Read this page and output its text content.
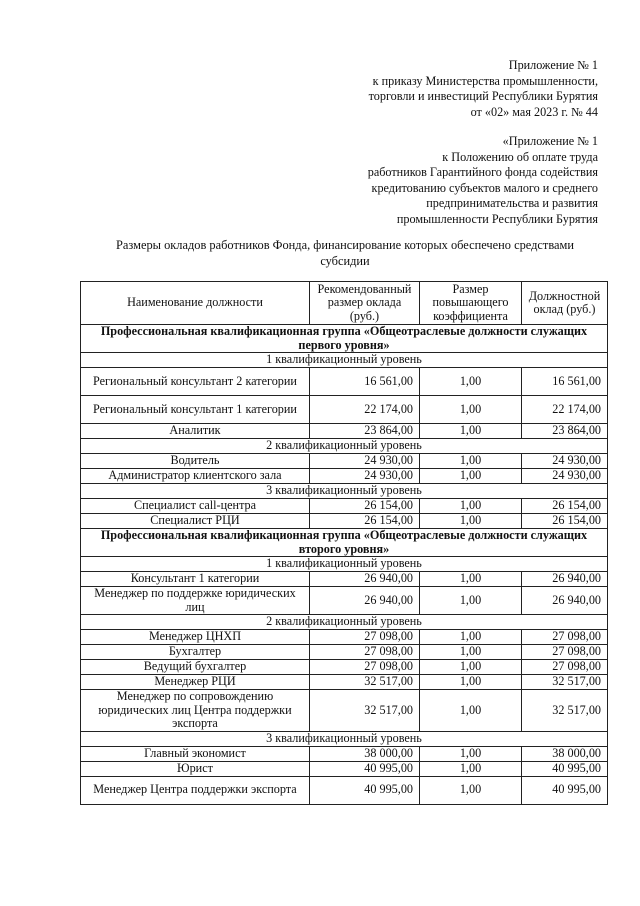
Приложение № 1
к приказу Министерства промышленности,
торговли и инвестиций Республики Бурятия
от «02» мая 2023 г. № 44
«Приложение № 1
к Положению об оплате труда
работников Гарантийного фонда содействия
кредитованию субъектов малого и среднего
предпринимательства и развития
промышленности Республики Бурятия
Размеры окладов работников Фонда, финансирование которых обеспечено средствами
субсидии
Наименование должности	Рекомендованный размер оклада (руб.)	Размер повышающего коэффициента	Должностной оклад (руб.)
Профессиональная квалификационная группа «Общеотраслевые должности служащих первого уровня»			
1 квалификационный уровень			
Региональный консультант 2 категории	16 561,00	1,00	16 561,00
Региональный консультант 1 категории	22 174,00	1,00	22 174,00
Аналитик	23 864,00	1,00	23 864,00
2 квалификационный уровень			
Водитель	24 930,00	1,00	24 930,00
Администратор клиентского зала	24 930,00	1,00	24 930,00
3 квалификационный уровень			
Специалист call-центра	26 154,00	1,00	26 154,00
Специалист РЦИ	26 154,00	1,00	26 154,00
Профессиональная квалификационная группа «Общеотраслевые должности служащих второго уровня»			
1 квалификационный уровень			
Консультант 1 категории	26 940,00	1,00	26 940,00
Менеджер по поддержке юридических лиц	26 940,00	1,00	26 940,00
2 квалификационный уровень			
Менеджер ЦНХП	27 098,00	1,00	27 098,00
Бухгалтер	27 098,00	1,00	27 098,00
Ведущий бухгалтер	27 098,00	1,00	27 098,00
Менеджер РЦИ	32 517,00	1,00	32 517,00
Менеджер по сопровождению юридических лиц Центра поддержки экспорта	32 517,00	1,00	32 517,00
3 квалификационный уровень			
Главный экономист	38 000,00	1,00	38 000,00
Юрист	40 995,00	1,00	40 995,00
Менеджер Центра поддержки экспорта	40 995,00	1,00	40 995,00
